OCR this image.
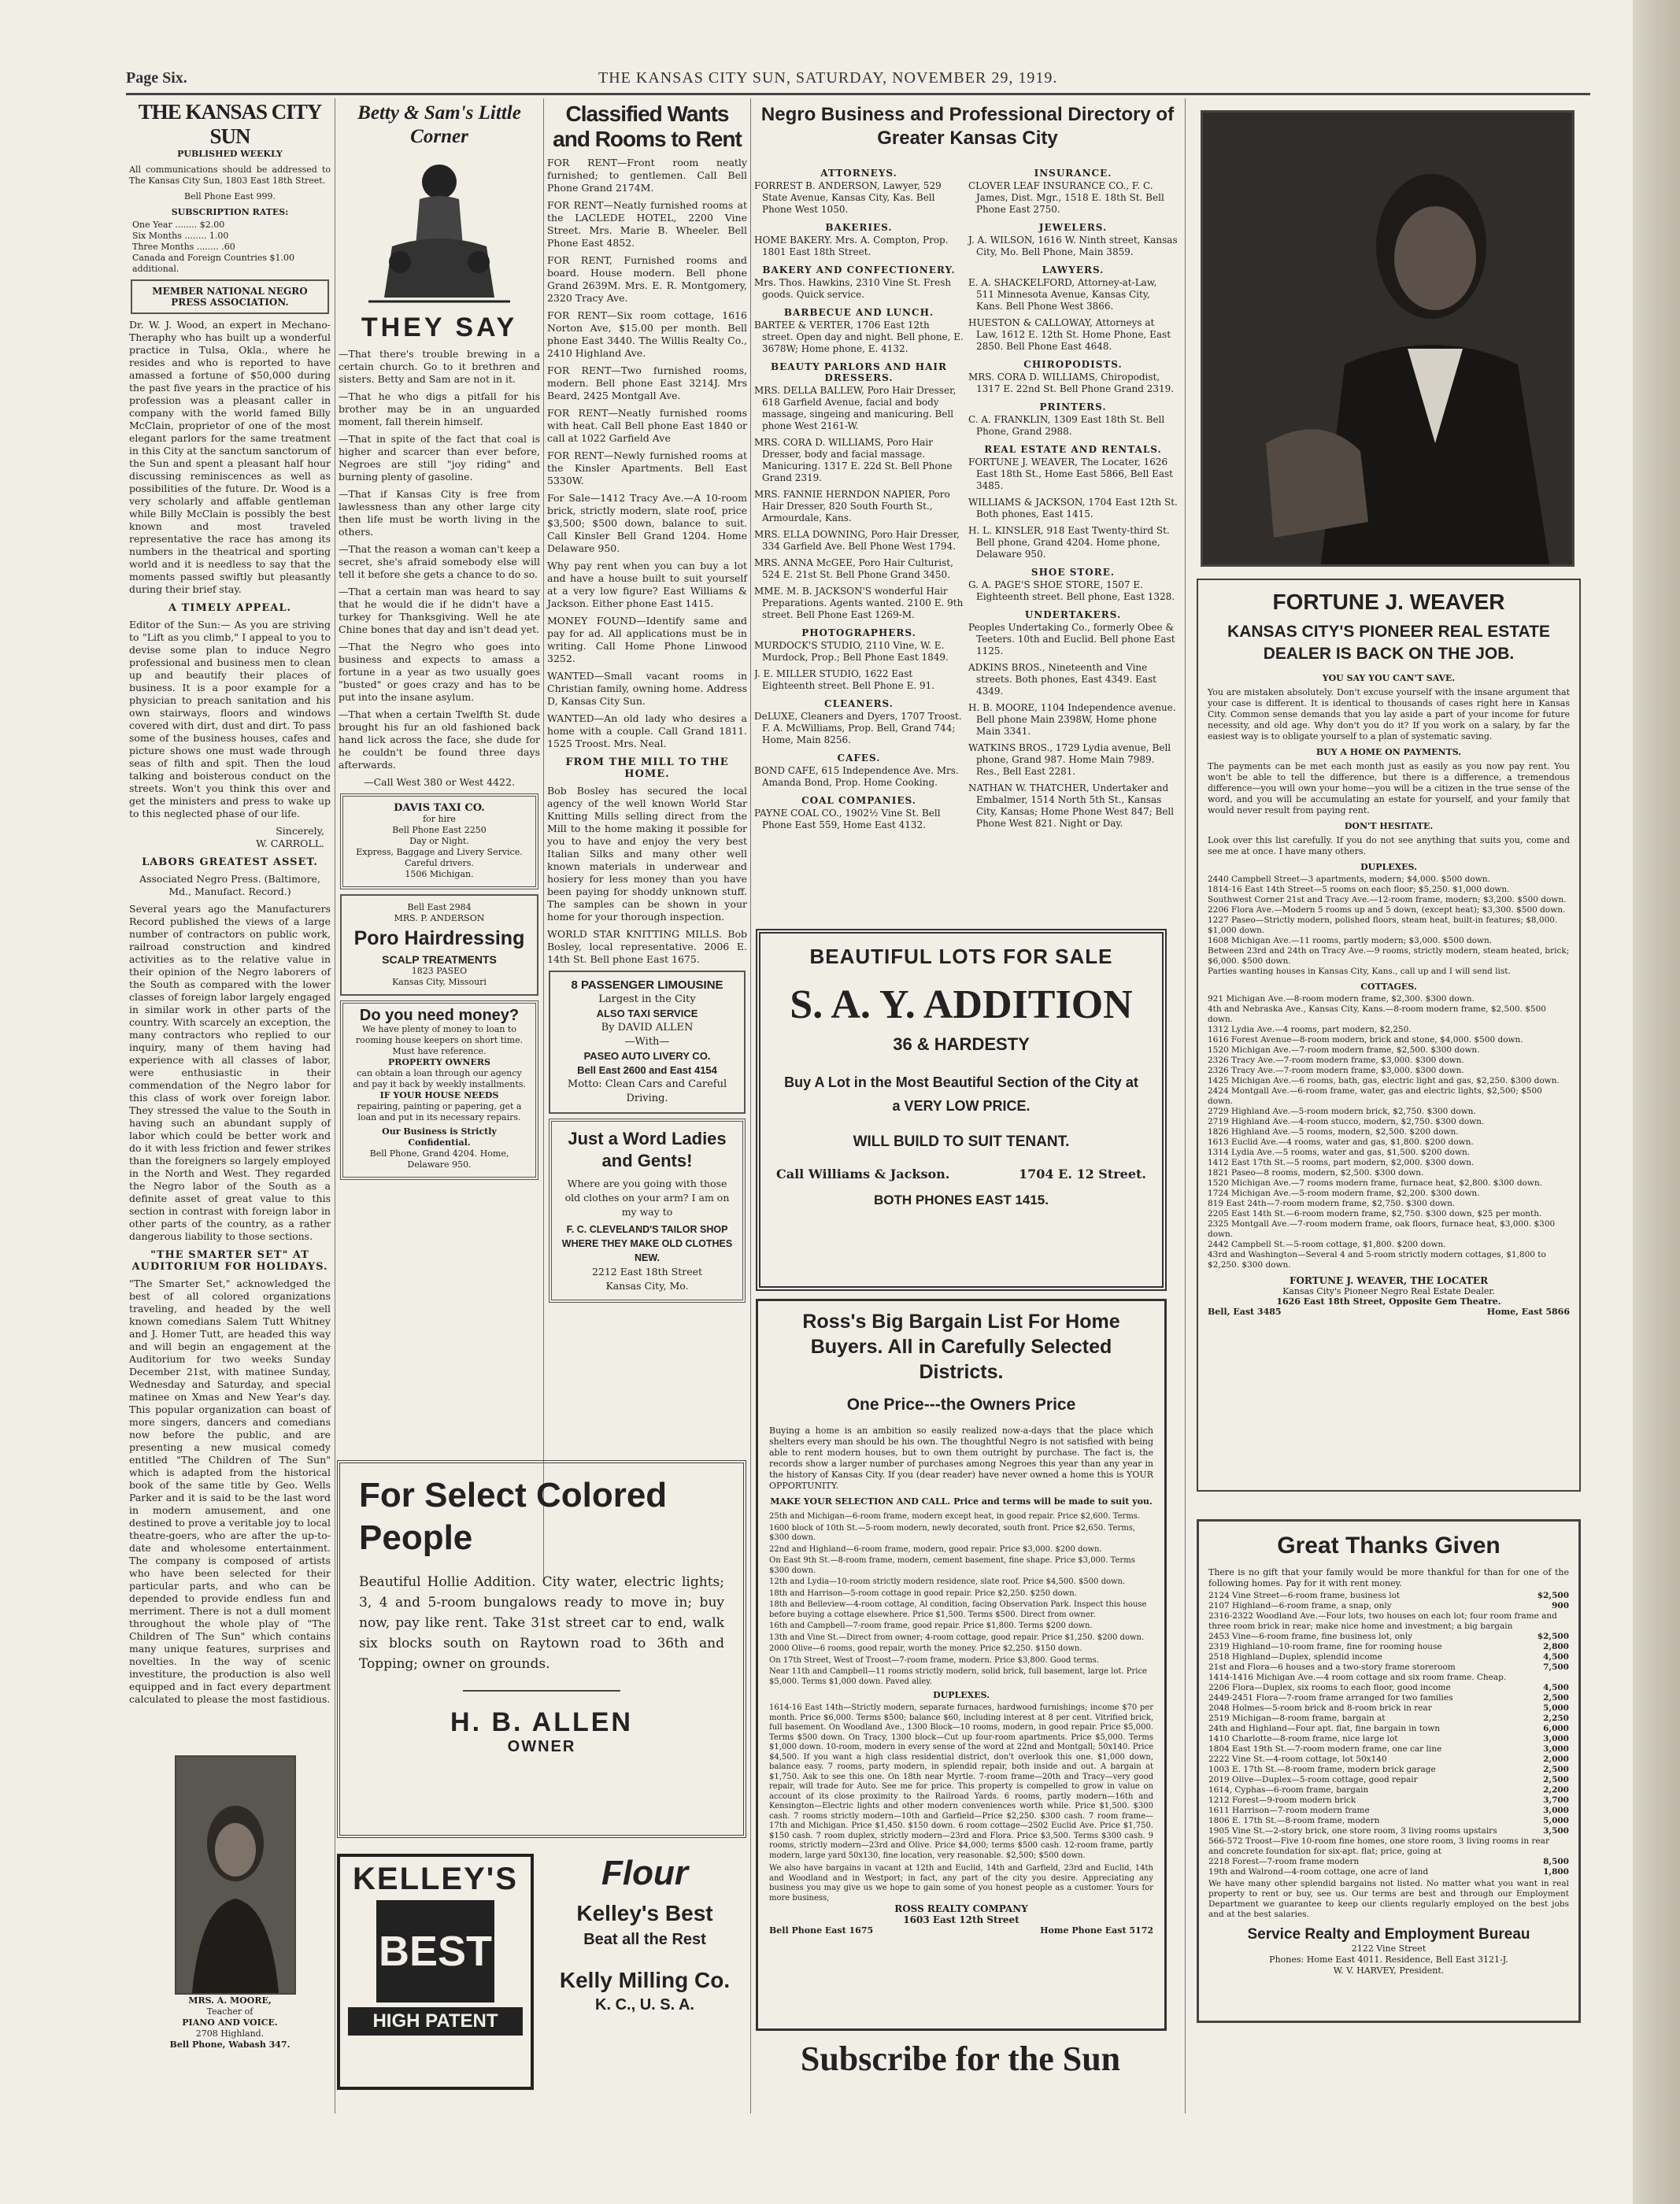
Page Six.	THE KANSAS CITY SUN, SATURDAY, NOVEMBER 29, 1919.
THE KANSAS CITY SUN
PUBLISHED WEEKLY
All communications should be addressed to The Kansas City Sun, 1803 East 18th Street.
Bell Phone East 999.
SUBSCRIPTION RATES:
One Year ........ $2.00
Six Months ........ 1.00
Three Months ........ .60
Canada and Foreign Countries $1.00 additional.
MEMBER NATIONAL NEGRO PRESS ASSOCIATION.
Dr. W. J. Wood, an expert in Mechano-Theraphy who has built up a wonderful practice in Tulsa, Okla., where he resides and who is reported to have amassed a fortune of $50,000 during the past five years in the practice of his profession was a pleasant caller in company with the world famed Billy McClain, proprietor of one of the most elegant parlors for the same treatment in this City at the sanctum sanctorum of the Sun and spent a pleasant half hour discussing reminiscences as well as possibilities of the future. Dr. Wood is a very scholarly and affable gentleman while Billy McClain is possibly the best known and most traveled representative the race has among its numbers in the theatrical and sporting world and it is needless to say that the moments passed swiftly but pleasantly during their brief stay.
A TIMELY APPEAL.
Editor of the Sun:— As you are striving to "Lift as you climb," I appeal to you to devise some plan to induce Negro professional and business men to clean up and beautify their places of business. It is a poor example for a physician to preach sanitation and his own stairways, floors and windows covered with dirt, dust and dirt. To pass some of the business houses, cafes and picture shows one must wade through seas of filth and spit. Then the loud talking and boisterous conduct on the streets. Won't you think this over and get the ministers and press to wake up to this neglected phase of our life.
Sincerely,
W. CARROLL.
LABORS GREATEST ASSET.
Associated Negro Press. (Baltimore, Md., Manufact. Record.)
Several years ago the Manufacturers Record published the views of a large number of contractors on public work, railroad construction and kindred activities as to the relative value in their opinion of the Negro laborers of the South as compared with the lower classes of foreign labor largely engaged in similar work in other parts of the country. With scarcely an exception, the many contractors who replied to our inquiry, many of them having had experience with all classes of labor, were enthusiastic in their commendation of the Negro labor for this class of work over foreign labor. They stressed the value to the South in having such an abundant supply of labor which could be better work and do it with less friction and fewer strikes than the foreigners so largely employed in the North and West. They regarded the Negro labor of the South as a definite asset of great value to this section in contrast with foreign labor in other parts of the country, as a rather dangerous liability to those sections.
"THE SMARTER SET" AT AUDITORIUM FOR HOLIDAYS.
"The Smarter Set," acknowledged the best of all colored organizations traveling, and headed by the well known comedians Salem Tutt Whitney and J. Homer Tutt, are headed this way and will begin an engagement at the Auditorium for two weeks Sunday December 21st, with matinee Sunday, Wednesday and Saturday, and special matinee on Xmas and New Year's day. This popular organization can boast of more singers, dancers and comedians now before the public, and are presenting a new musical comedy entitled "The Children of The Sun" which is adapted from the historical book of the same title by Geo. Wells Parker and it is said to be the last word in modern amusement, and one destined to prove a veritable joy to local theatre-goers, who are after the up-to-date and wholesome entertainment. The company is composed of artists who have been selected for their particular parts, and who can be depended to provide endless fun and merriment. There is not a dull moment throughout the whole play of "The Children of The Sun" which contains many unique features, surprises and novelties. In the way of scenic investiture, the production is also well equipped and in fact every department calculated to please the most fastidious.
MRS. A. MOORE,
Teacher of
PIANO AND VOICE.
2708 Highland.
Bell Phone, Wabash 347.
Betty & Sam's Little Corner
THEY SAY
—That there's trouble brewing in a certain church. Go to it brethren and sisters. Betty and Sam are not in it.
—That he who digs a pitfall for his brother may be in an unguarded moment, fall therein himself.
—That in spite of the fact that coal is higher and scarcer than ever before, Negroes are still "joy riding" and burning plenty of gasoline.
—That if Kansas City is free from lawlessness than any other large city then life must be worth living in the others.
—That the reason a woman can't keep a secret, she's afraid somebody else will tell it before she gets a chance to do so.
—That a certain man was heard to say that he would die if he didn't have a turkey for Thanksgiving. Well he ate Chine bones that day and isn't dead yet.
—That the Negro who goes into business and expects to amass a fortune in a year as two usually goes "busted" or goes crazy and has to be put into the insane asylum.
—That when a certain Twelfth St. dude brought his fur an old fashioned back hand lick across the face, she dude for he couldn't be found three days afterwards.
—Call West 380 or West 4422.
DAVIS TAXI CO.
for hire
Bell Phone East 2250
Day or Night.
Express, Baggage and Livery Service. Careful drivers.
1506 Michigan.
Bell East 2984
MRS. P. ANDERSON
Poro Hairdressing
SCALP TREATMENTS
1823 PASEO
Kansas City, Missouri
Do you need money?
We have plenty of money to loan to rooming house keepers on short time. Must have reference.
PROPERTY OWNERS
can obtain a loan through our agency and pay it back by weekly installments.
IF YOUR HOUSE NEEDS
repairing, painting or papering, get a loan and put in its necessary repairs.
Our Business is Strictly Confidential.
Bell Phone, Grand 4204. Home, Delaware 950.
Classified Wants and Rooms to Rent
FOR RENT—Front room neatly furnished; to gentlemen. Call Bell Phone Grand 2174M.
FOR RENT—Neatly furnished rooms at the LACLEDE HOTEL, 2200 Vine Street. Mrs. Marie B. Wheeler. Bell Phone East 4852.
FOR RENT, Furnished rooms and board. House modern. Bell phone Grand 2639M. Mrs. E. R. Montgomery, 2320 Tracy Ave.
FOR RENT—Six room cottage, 1616 Norton Ave, $15.00 per month. Bell phone East 3440. The Willis Realty Co., 2410 Highland Ave.
FOR RENT—Two furnished rooms, modern. Bell phone East 3214J. Mrs Beard, 2425 Montgall Ave.
FOR RENT—Neatly furnished rooms with heat. Call Bell phone East 1840 or call at 1022 Garfield Ave
FOR RENT—Newly furnished rooms at the Kinsler Apartments. Bell East 5330W.
For Sale—1412 Tracy Ave.—A 10-room brick, strictly modern, slate roof, price $3,500; $500 down, balance to suit. Call Kinsler Bell Grand 1204. Home Delaware 950.
Why pay rent when you can buy a lot and have a house built to suit yourself at a very low figure? East Williams & Jackson. Either phone East 1415.
MONEY FOUND—Identify same and pay for ad. All applications must be in writing. Call Home Phone Linwood 3252.
WANTED—Small vacant rooms in Christian family, owning home. Address D, Kansas City Sun.
WANTED—An old lady who desires a home with a couple. Call Grand 1811. 1525 Troost. Mrs. Neal.
FROM THE MILL TO THE HOME.
Bob Bosley has secured the local agency of the well known World Star Knitting Mills selling direct from the Mill to the home making it possible for you to have and enjoy the very best Italian Silks and many other well known materials in underwear and hosiery for less money than you have been paying for shoddy unknown stuff. The samples can be shown in your home for your thorough inspection.
WORLD STAR KNITTING MILLS. Bob Bosley, local representative. 2006 E. 14th St. Bell phone East 1675.
8 PASSENGER LIMOUSINE
Largest in the City
ALSO TAXI SERVICE
By DAVID ALLEN
—With—
PASEO AUTO LIVERY CO.
Bell East 2600 and East 4154
Motto: Clean Cars and Careful Driving.
Just a Word Ladies and Gents!
Where are you going with those old clothes on your arm? I am on my way to
F. C. CLEVELAND'S TAILOR SHOP
WHERE THEY MAKE OLD CLOTHES NEW.
2212 East 18th Street
Kansas City, Mo.
For Select Colored People
Beautiful Hollie Addition. City water, electric lights; 3, 4 and 5-room bungalows ready to move in; buy now, pay like rent. Take 31st street car to end, walk six blocks south on Raytown road to 36th and Topping; owner on grounds.
H. B. ALLEN
OWNER
KELLEY'S
BEST
HIGH PATENT
Flour
Kelley's Best
Beat all the Rest
Kelly Milling Co.
K. C., U. S. A.
Negro Business and Professional Directory of Greater Kansas City
ATTORNEYS.
FORREST B. ANDERSON, Lawyer, 529 State Avenue, Kansas City, Kas. Bell Phone West 1050.
BAKERIES.
HOME BAKERY. Mrs. A. Compton, Prop. 1801 East 18th Street.
BAKERY AND CONFECTIONERY.
Mrs. Thos. Hawkins, 2310 Vine St. Fresh goods. Quick service.
BARBECUE AND LUNCH.
BARTEE & VERTER, 1706 East 12th street. Open day and night. Bell phone, E. 3678W; Home phone, E. 4132.
BEAUTY PARLORS AND HAIR DRESSERS.
MRS. DELLA BALLEW, Poro Hair Dresser, 618 Garfield Avenue, facial and body massage, singeing and manicuring. Bell phone West 2161-W.
MRS. CORA D. WILLIAMS, Poro Hair Dresser, body and facial massage. Manicuring. 1317 E. 22d St. Bell Phone Grand 2319.
MRS. FANNIE HERNDON NAPIER, Poro Hair Dresser, 820 South Fourth St., Armourdale, Kans.
MRS. ELLA DOWNING, Poro Hair Dresser, 334 Garfield Ave. Bell Phone West 1794.
MRS. ANNA McGEE, Poro Hair Culturist, 524 E. 21st St. Bell Phone Grand 3450.
MME. M. B. JACKSON'S wonderful Hair Preparations. Agents wanted. 2100 E. 9th street. Bell Phone East 1269-M.
PHOTOGRAPHERS.
MURDOCK'S STUDIO, 2110 Vine, W. E. Murdock, Prop.; Bell Phone East 1849.
J. E. MILLER STUDIO, 1622 East Eighteenth street. Bell Phone E. 91.
CLEANERS.
DeLUXE, Cleaners and Dyers, 1707 Troost. F. A. McWilliams, Prop. Bell, Grand 744; Home, Main 8256.
CAFES.
BOND CAFE, 615 Independence Ave. Mrs. Amanda Bond, Prop. Home Cooking.
COAL COMPANIES.
PAYNE COAL CO., 1902½ Vine St. Bell Phone East 559, Home East 4132.
INSURANCE.
CLOVER LEAF INSURANCE CO., F. C. James, Dist. Mgr., 1518 E. 18th St. Bell Phone East 2750.
JEWELERS.
J. A. WILSON, 1616 W. Ninth street, Kansas City, Mo. Bell Phone, Main 3859.
LAWYERS.
E. A. SHACKELFORD, Attorney-at-Law, 511 Minnesota Avenue, Kansas City, Kans. Bell Phone West 3866.
HUESTON & CALLOWAY, Attorneys at Law, 1612 E. 12th St. Home Phone, East 2850. Bell Phone East 4648.
CHIROPODISTS.
MRS. CORA D. WILLIAMS, Chiropodist, 1317 E. 22nd St. Bell Phone Grand 2319.
PRINTERS.
C. A. FRANKLIN, 1309 East 18th St. Bell Phone, Grand 2988.
REAL ESTATE AND RENTALS.
FORTUNE J. WEAVER, The Locater, 1626 East 18th St., Home East 5866, Bell East 3485.
WILLIAMS & JACKSON, 1704 East 12th St. Both phones, East 1415.
H. L. KINSLER, 918 East Twenty-third St. Bell phone, Grand 4204. Home phone, Delaware 950.
SHOE STORE.
G. A. PAGE'S SHOE STORE, 1507 E. Eighteenth street. Bell phone, East 1328.
UNDERTAKERS.
Peoples Undertaking Co., formerly Obee & Teeters. 10th and Euclid. Bell phone East 1125.
ADKINS BROS., Nineteenth and Vine streets. Both phones, East 4349. East 4349.
H. B. MOORE, 1104 Independence avenue. Bell phone Main 2398W, Home phone Main 3341.
WATKINS BROS., 1729 Lydia avenue, Bell phone, Grand 987. Home Main 7989. Res., Bell East 2281.
NATHAN W. THATCHER, Undertaker and Embalmer, 1514 North 5th St., Kansas City, Kansas; Home Phone West 847; Bell Phone West 821. Night or Day.
BEAUTIFUL LOTS FOR SALE
S. A. Y. ADDITION
36 & HARDESTY
Buy A Lot in the Most Beautiful Section of the City at a VERY LOW PRICE.
WILL BUILD TO SUIT TENANT.
Call Williams & Jackson.	1704 E. 12 Street.
BOTH PHONES EAST 1415.
Ross's Big Bargain List For Home Buyers. All in Carefully Selected Districts.
One Price---the Owners Price
Buying a home is an ambition so easily realized now-a-days that the place which shelters every man should be his own. The thoughtful Negro is not satisfied with being able to rent modern houses, but to own them outright by purchase. The fact is, the records show a larger number of purchases among Negroes this year than any year in the history of Kansas City. If you (dear reader) have never owned a home this is YOUR OPPORTUNITY.
MAKE YOUR SELECTION AND CALL. Price and terms will be made to suit you.
25th and Michigan—6-room frame, modern except heat, in good repair. Price $2,600. Terms.
1600 block of 10th St.—5-room modern, newly decorated, south front. Price $2,650. Terms, $300 down.
22nd and Highland—6-room frame, modern, good repair. Price $3,000. $200 down.
On East 9th St.—8-room frame, modern, cement basement, fine shape. Price $3,000. Terms $300 down.
12th and Lydia—10-room strictly modern residence, slate roof. Price $4,500. $500 down.
18th and Harrison—5-room cottage in good repair. Price $2,250. $250 down.
18th and Belleview—4-room cottage, Al condition, facing Observation Park. Inspect this house before buying a cottage elsewhere. Price $1,500. Terms $500. Direct from owner.
16th and Campbell—7-room frame, good repair. Price $1,800. Terms $200 down.
13th and Vine St.—Direct from owner; 4-room cottage, good repair. Price $1,250. $200 down.
2000 Olive—6 rooms, good repair, worth the money. Price $2,250. $150 down.
On 17th Street, West of Troost—7-room frame, modern. Price $3,800. Good terms.
Near 11th and Campbell—11 rooms strictly modern, solid brick, full basement, large lot. Price $5,000. Terms $1,000 down. Paved alley.
DUPLEXES.
1614-16 East 14th—Strictly modern, separate furnaces, hardwood furnishings; income $70 per month. Price $6,000. Terms $500; balance $60, including interest at 8 per cent. Vitrified brick, full basement. On Woodland Ave., 1300 Block—10 rooms, modern, in good repair. Price $5,000. Terms $500 down. On Tracy, 1300 block—Cut up four-room apartments. Price $5,000. Terms $1,000 down. 10-room, modern in every sense of the word at 22nd and Montgall; 50x140. Price $4,500. If you want a high class residential district, don't overlook this one. $1,000 down, balance easy. 7 rooms, party modern, in splendid repair, both inside and out. A bargain at $1,750. Ask to see this one. On 18th near Myrtle. 7-room frame—20th and Tracy—very good repair, will trade for Auto. See me for price. This property is compelled to grow in value on account of its close proximity to the Railroad Yards. 6 rooms, partly modern—16th and Kensington—Electric lights and other modern conveniences worth while. Price $1,500. $300 cash. 7 rooms strictly modern—10th and Garfield—Price $2,250. $300 cash. 7 room frame—17th and Michigan. Price $1,450. $150 down. 6 room cottage—2502 Euclid Ave. Price $1,750. $150 cash. 7 room duplex, strictly modern—23rd and Flora. Price $3,500. Terms $300 cash. 9 rooms, strictly modern—23rd and Olive. Price $4,000; terms $500 cash. 12-room frame, partly modern, large yard 50x130, fine location, very reasonable. $2,500; $500 down.
We also have bargains in vacant at 12th and Euclid, 14th and Garfield, 23rd and Euclid, 14th and Woodland and in Westport; in fact, any part of the city you desire. Appreciating any business you may give us we hope to gain some of you honest people as a customer. Yours for more business,
ROSS REALTY COMPANY
1603 East 12th Street
Bell Phone East 1675	Home Phone East 5172
Subscribe for the Sun
FORTUNE J. WEAVER
KANSAS CITY'S PIONEER REAL ESTATE DEALER IS BACK ON THE JOB.
YOU SAY YOU CAN'T SAVE.
You are mistaken absolutely. Don't excuse yourself with the insane argument that your case is different. It is identical to thousands of cases right here in Kansas City. Common sense demands that you lay aside a part of your income for future necessity, and old age. Why don't you do it? If you work on a salary, by far the easiest way is to obligate yourself to a plan of systematic saving.
BUY A HOME ON PAYMENTS.
The payments can be met each month just as easily as you now pay rent. You won't be able to tell the difference, but there is a difference, a tremendous difference—you will own your home—you will be a citizen in the true sense of the word, and you will be accumulating an estate for yourself, and your family that would never result from paying rent.
DON'T HESITATE.
Look over this list carefully. If you do not see anything that suits you, come and see me at once. I have many others.
DUPLEXES.
2440 Campbell Street—3 apartments, modern; $4,000. $500 down.
1814-16 East 14th Street—5 rooms on each floor; $5,250. $1,000 down.
Southwest Corner 21st and Tracy Ave.—12-room frame, modern; $3,200. $500 down.
2206 Flora Ave.—Modern 5 rooms up and 5 down, (except heat); $3,300. $500 down.
1227 Paseo—Strictly modern, polished floors, steam heat, built-in features; $8,000. $1,000 down.
1608 Michigan Ave.—11 rooms, partly modern; $3,000. $500 down.
Between 23rd and 24th on Tracy Ave.—9 rooms, strictly modern, steam heated, brick; $6,000. $500 down.
Parties wanting houses in Kansas City, Kans., call up and I will send list.
COTTAGES.
921 Michigan Ave.—8-room modern frame, $2,300. $300 down.
4th and Nebraska Ave., Kansas City, Kans.—8-room modern frame, $2,500. $500 down.
1312 Lydia Ave.—4 rooms, part modern, $2,250.
1616 Forest Avenue—8-room modern, brick and stone, $4,000. $500 down.
1520 Michigan Ave.—7-room modern frame, $2,500. $300 down.
2326 Tracy Ave.—7-room modern frame, $3,000. $300 down.
2326 Tracy Ave.—7-room modern frame, $3,000. $300 down.
1425 Michigan Ave.—6 rooms, bath, gas, electric light and gas, $2,250. $300 down.
2424 Montgall Ave.—6-room frame, water, gas and electric lights, $2,500; $500 down.
2729 Highland Ave.—5-room modern brick, $2,750. $300 down.
2719 Highland Ave.—4-room stucco, modern, $2,750. $300 down.
1826 Highland Ave.—5 rooms, modern, $2,500. $200 down.
1613 Euclid Ave.—4 rooms, water and gas, $1,800. $200 down.
1314 Lydia Ave.—5 rooms, water and gas, $1,500. $200 down.
1412 East 17th St.—5 rooms, part modern, $2,000. $300 down.
1821 Paseo—8 rooms, modern, $2,500. $300 down.
1520 Michigan Ave.—7 rooms modern frame, furnace heat, $2,800. $300 down.
1724 Michigan Ave.—5-room modern frame, $2,200. $300 down.
819 East 24th—7-room modern frame, $2,750. $300 down.
2205 East 14th St.—6-room modern frame, $2,750. $300 down, $25 per month.
2325 Montgall Ave.—7-room modern frame, oak floors, furnace heat, $3,000. $300 down.
2442 Campbell St.—5-room cottage, $1,800. $200 down.
43rd and Washington—Several 4 and 5-room strictly modern cottages, $1,800 to $2,250. $300 down.
FORTUNE J. WEAVER, THE LOCATER
Kansas City's Pioneer Negro Real Estate Dealer.
1626 East 18th Street, Opposite Gem Theatre.
Bell, East 3485	Home, East 5866
Great Thanks Given
There is no gift that your family would be more thankful for than for one of the following homes. Pay for it with rent money.
2124 Vine Street—6-room frame, business lot	$2,500
2107 Highland—6-room frame, a snap, only	900
2316-2322 Woodland Ave.—Four lots, two houses on each lot; four room frame and three room brick in rear; make nice home and investment; a big bargain
2453 Vine—6-room frame, fine business lot, only	$2,500
2319 Highland—10-room frame, fine for rooming house	2,800
2518 Highland—Duplex, splendid income	4,500
21st and Flora—6 houses and a two-story frame storeroom	7,500
1414-1416 Michigan Ave.—4 room cottage and six room frame. Cheap.
2206 Flora—Duplex, six rooms to each floor, good income	4,500
2449-2451 Flora—7-room frame arranged for two families	2,500
2048 Holmes—5-room brick and 8-room brick in rear	5,000
2519 Michigan—8-room frame, bargain at	2,250
24th and Highland—Four apt. flat, fine bargain in town	6,000
1410 Charlotte—8-room frame, nice large lot	3,000
1804 East 19th St.—7-room modern frame, one car line	3,000
2222 Vine St.—4-room cottage, lot 50x140	2,000
1003 E. 17th St.—8-room frame, modern brick garage	2,500
2019 Olive—Duplex—5-room cottage, good repair	2,500
1614, Cyphas—6-room frame, bargain	2,200
1212 Forest—9-room modern brick	3,700
1611 Harrison—7-room modern frame	3,000
1806 E. 17th St.—8-room frame, modern	5,000
1905 Vine St.—2-story brick, one store room, 3 living rooms upstairs	3,500
566-572 Troost—Five 10-room fine homes, one store room, 3 living rooms in rear and concrete foundation for six-apt. flat; price, going at
2218 Forest—7-room frame modern	8,500
19th and Walrond—4-room cottage, one acre of land	1,800
We have many other splendid bargains not listed. No matter what you want in real property to rent or buy, see us. Our terms are best and through our Employment Department we guarantee to keep our clients regularly employed on the best jobs and at the best salaries.
Service Realty and Employment Bureau
2122 Vine Street
Phones: Home East 4011. Residence, Bell East 3121-J.
W. V. HARVEY, President.
